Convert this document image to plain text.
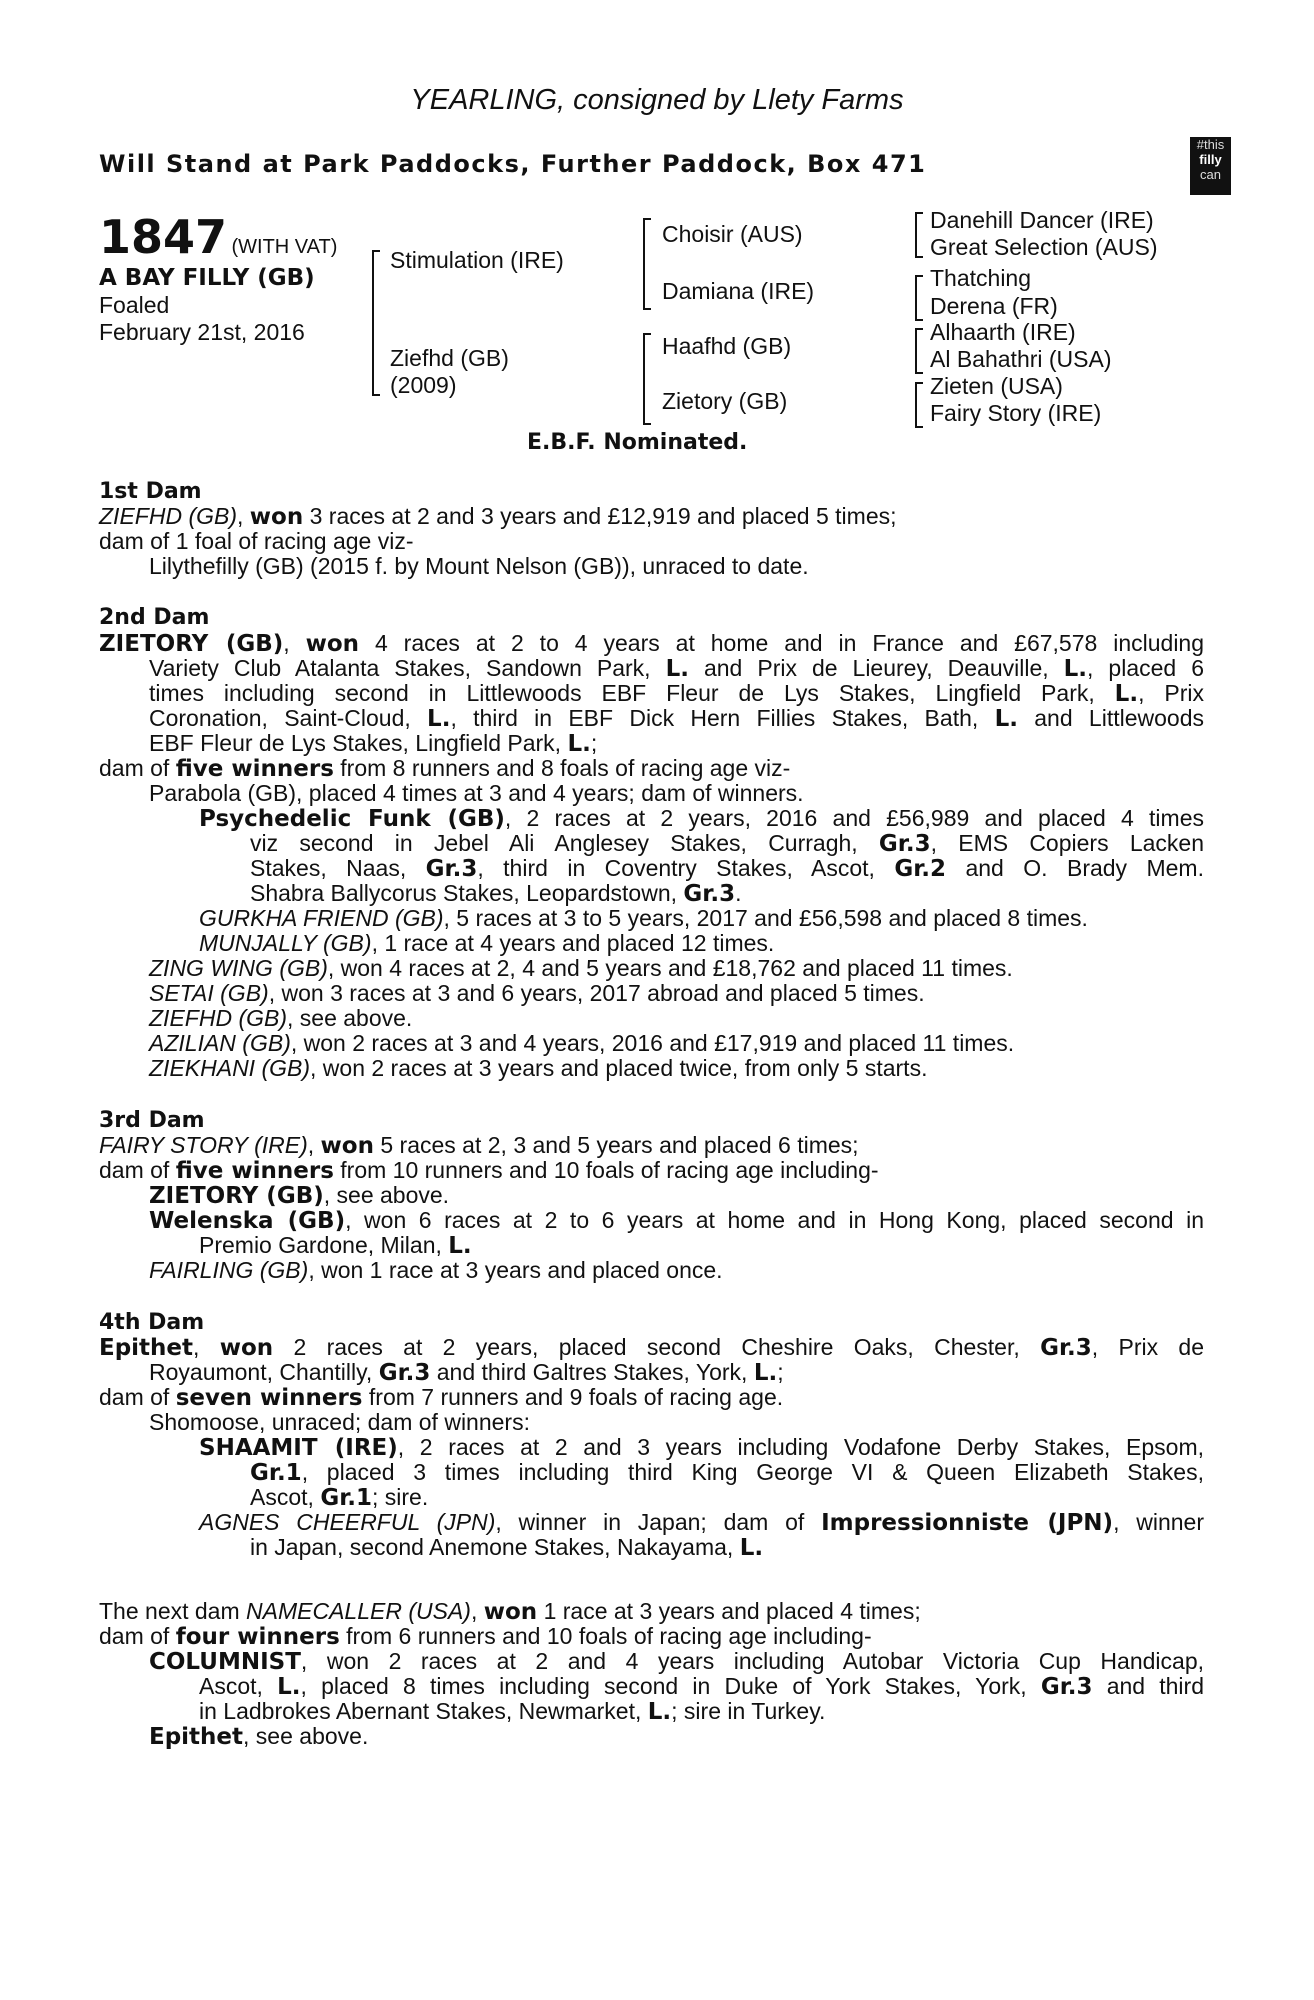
YEARLING, consigned by Llety Farms
Will Stand at Park Paddocks, Further Paddock, Box 471
#this
filly
can
1847 (WITH VAT)
A BAY FILLY (GB)
Foaled
February 21st, 2016
Stimulation (IRE)
Ziefhd (GB)
(2009)
Choisir (AUS)
Damiana (IRE)
Haafhd (GB)
Zietory (GB)
Danehill Dancer (IRE)
Great Selection (AUS)
Thatching
Derena (FR)
Alhaarth (IRE)
Al Bahathri (USA)
Zieten (USA)
Fairy Story (IRE)
E.B.F. Nominated.
1st Dam
ZIEFHD (GB), won 3 races at 2 and 3 years and £12,919 and placed 5 times;
dam of 1 foal of racing age viz-
Lilythefilly (GB) (2015 f. by Mount Nelson (GB)), unraced to date.
2nd Dam
ZIETORY (GB), won 4 races at 2 to 4 years at home and in France and £67,578 including
Variety Club Atalanta Stakes, Sandown Park, L. and Prix de Lieurey, Deauville, L., placed 6
times including second in Littlewoods EBF Fleur de Lys Stakes, Lingfield Park, L., Prix
Coronation, Saint-Cloud, L., third in EBF Dick Hern Fillies Stakes, Bath, L. and Littlewoods
EBF Fleur de Lys Stakes, Lingfield Park, L.;
dam of five winners from 8 runners and 8 foals of racing age viz-
Parabola (GB), placed 4 times at 3 and 4 years; dam of winners.
Psychedelic Funk (GB), 2 races at 2 years, 2016 and £56,989 and placed 4 times
viz second in Jebel Ali Anglesey Stakes, Curragh, Gr.3, EMS Copiers Lacken
Stakes, Naas, Gr.3, third in Coventry Stakes, Ascot, Gr.2 and O. Brady Mem.
Shabra Ballycorus Stakes, Leopardstown, Gr.3.
GURKHA FRIEND (GB), 5 races at 3 to 5 years, 2017 and £56,598 and placed 8 times.
MUNJALLY (GB), 1 race at 4 years and placed 12 times.
ZING WING (GB), won 4 races at 2, 4 and 5 years and £18,762 and placed 11 times.
SETAI (GB), won 3 races at 3 and 6 years, 2017 abroad and placed 5 times.
ZIEFHD (GB), see above.
AZILIAN (GB), won 2 races at 3 and 4 years, 2016 and £17,919 and placed 11 times.
ZIEKHANI (GB), won 2 races at 3 years and placed twice, from only 5 starts.
3rd Dam
FAIRY STORY (IRE), won 5 races at 2, 3 and 5 years and placed 6 times;
dam of five winners from 10 runners and 10 foals of racing age including-
ZIETORY (GB), see above.
Welenska (GB), won 6 races at 2 to 6 years at home and in Hong Kong, placed second in
Premio Gardone, Milan, L.
FAIRLING (GB), won 1 race at 3 years and placed once.
4th Dam
Epithet, won 2 races at 2 years, placed second Cheshire Oaks, Chester, Gr.3, Prix de
Royaumont, Chantilly, Gr.3 and third Galtres Stakes, York, L.;
dam of seven winners from 7 runners and 9 foals of racing age.
Shomoose, unraced; dam of winners:
SHAAMIT (IRE), 2 races at 2 and 3 years including Vodafone Derby Stakes, Epsom,
Gr.1, placed 3 times including third King George VI & Queen Elizabeth Stakes,
Ascot, Gr.1; sire.
AGNES CHEERFUL (JPN), winner in Japan; dam of Impressionniste (JPN), winner
in Japan, second Anemone Stakes, Nakayama, L.
The next dam NAMECALLER (USA), won 1 race at 3 years and placed 4 times;
dam of four winners from 6 runners and 10 foals of racing age including-
COLUMNIST, won 2 races at 2 and 4 years including Autobar Victoria Cup Handicap,
Ascot, L., placed 8 times including second in Duke of York Stakes, York, Gr.3 and third
in Ladbrokes Abernant Stakes, Newmarket, L.; sire in Turkey.
Epithet, see above.
